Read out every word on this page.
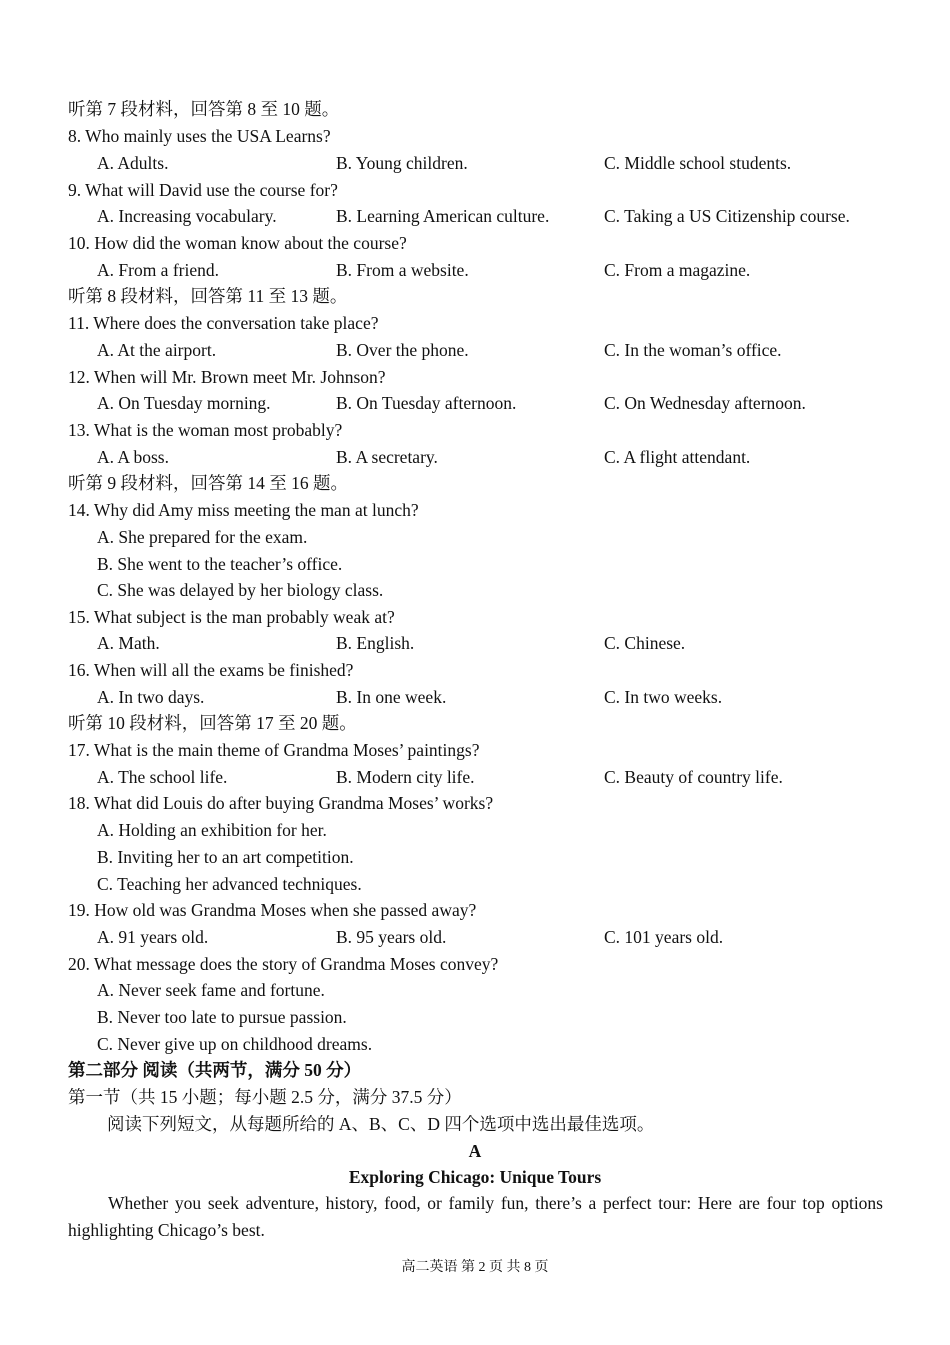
听第 7 段材料，回答第 8 至 10 题。
8. Who mainly uses the USA Learns?
A. Adults.	B. Young children.	C. Middle school students.
9. What will David use the course for?
A. Increasing vocabulary.	B. Learning American culture.	C. Taking a US Citizenship course.
10. How did the woman know about the course?
A. From a friend.	B. From a website.	C. From a magazine.
听第 8 段材料，回答第 11 至 13 题。
11. Where does the conversation take place?
A. At the airport.	B. Over the phone.	C. In the woman’s office.
12. When will Mr. Brown meet Mr. Johnson?
A. On Tuesday morning.	B. On Tuesday afternoon.	C. On Wednesday afternoon.
13. What is the woman most probably?
A. A boss.	B. A secretary.	C. A flight attendant.
听第 9 段材料，回答第 14 至 16 题。
14. Why did Amy miss meeting the man at lunch?
A. She prepared for the exam.
B. She went to the teacher’s office.
C. She was delayed by her biology class.
15. What subject is the man probably weak at?
A. Math.	B. English.	C. Chinese.
16. When will all the exams be finished?
A. In two days.	B. In one week.	C. In two weeks.
听第 10 段材料，回答第 17 至 20 题。
17. What is the main theme of Grandma Moses’ paintings?
A. The school life.	B. Modern city life.	C. Beauty of country life.
18. What did Louis do after buying Grandma Moses’ works?
A. Holding an exhibition for her.
B. Inviting her to an art competition.
C. Teaching her advanced techniques.
19. How old was Grandma Moses when she passed away?
A. 91 years old.	B. 95 years old.	C. 101 years old.
20. What message does the story of Grandma Moses convey?
A. Never seek fame and fortune.
B. Never too late to pursue passion.
C. Never give up on childhood dreams.
第二部分 阅读（共两节，满分 50 分）
第一节（共 15 小题；每小题 2.5 分，满分 37.5 分）
阅读下列短文，从每题所给的 A、B、C、D 四个选项中选出最佳选项。
A
Exploring Chicago: Unique Tours
Whether you seek adventure, history, food, or family fun, there’s a perfect tour: Here are four top options highlighting Chicago’s best.
高二英语 第 2 页 共 8 页
